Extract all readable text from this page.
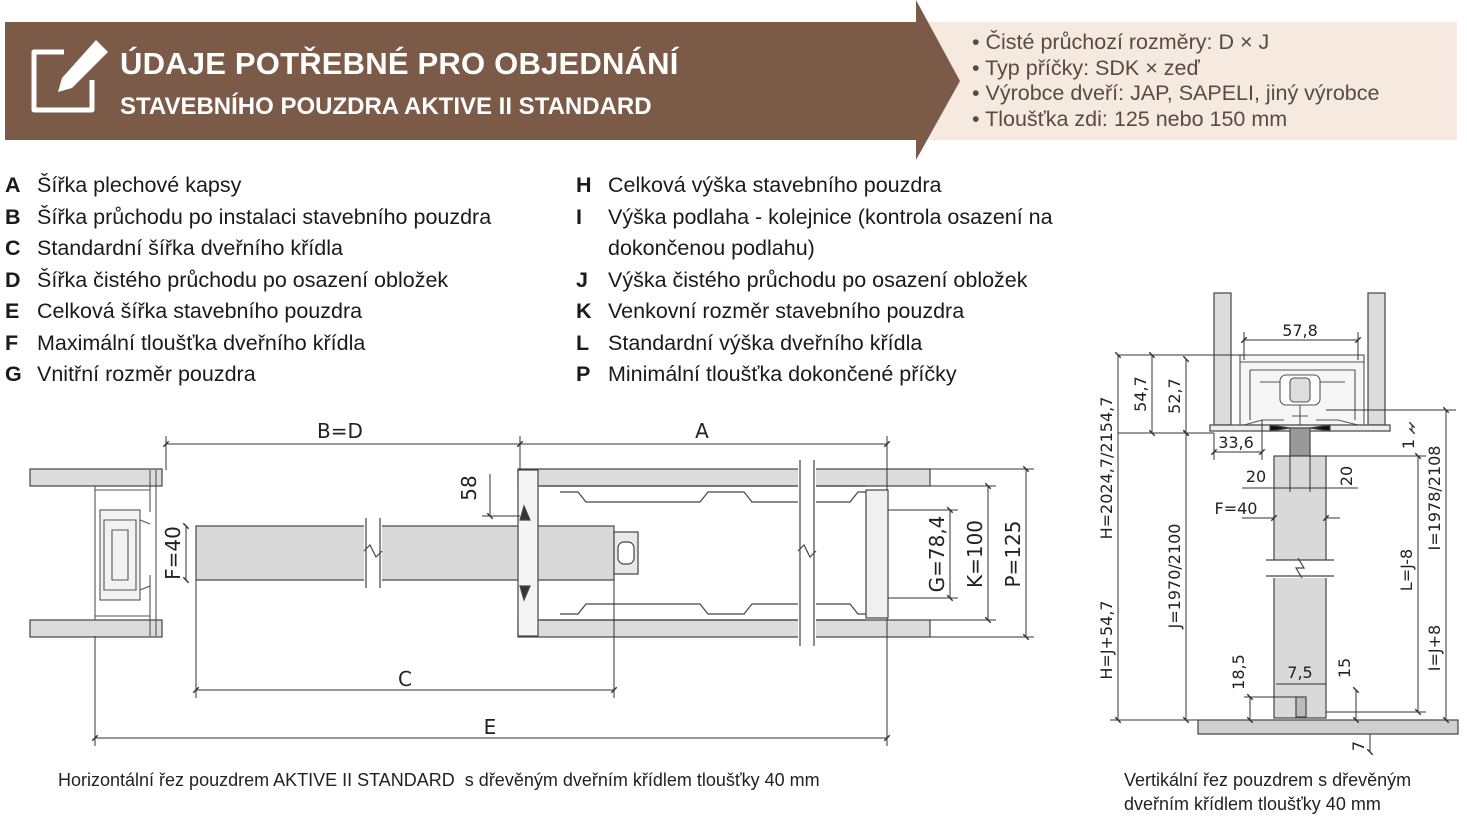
ÚDAJE POTŘEBNÉ PRO OBJEDNÁNÍ
STAVEBNÍHO POUZDRA AKTIVE II STANDARD
• Čisté průchozí rozměry: D × J
• Typ příčky: SDK × zeď
• Výrobce dveří: JAP, SAPELI, jiný výrobce
• Tloušťka zdi: 125 nebo 150 mm
A Šířka plechové kapsy
B Šířka průchodu po instalaci stavebního pouzdra
C Standardní šířka dveřního křídla
D Šířka čistého průchodu po osazení obložek
E Celková šířka stavebního pouzdra
F Maximální tloušťka dveřního křídla
G Vnitřní rozměr pouzdra
H Celková výška stavebního pouzdra
I Výška podlaha - kolejnice (kontrola osazení na dokončenou podlahu)
J Výška čistého průchodu po osazení obložek
K Venkovní rozměr stavebního pouzdra
L Standardní výška dveřního křídla
P Minimální tloušťka dokončené příčky
B=D	A
C
E
F=40
58
G=78,4 K=100 P=125
57,8
54,7 52,7
33,6
20	20
1
H=2024,7/2154,7	I=1978/2108
F=40
J=1970/2100	L=J-8
H=J+54,7	I=J+8
18,5 7,5 15
7
Horizontální řez pouzdrem AKTIVE II STANDARD  s dřevěným dveřním křídlem tloušťky 40 mm	Vertikální řez pouzdrem s dřevěným dveřním křídlem tloušťky 40 mm
